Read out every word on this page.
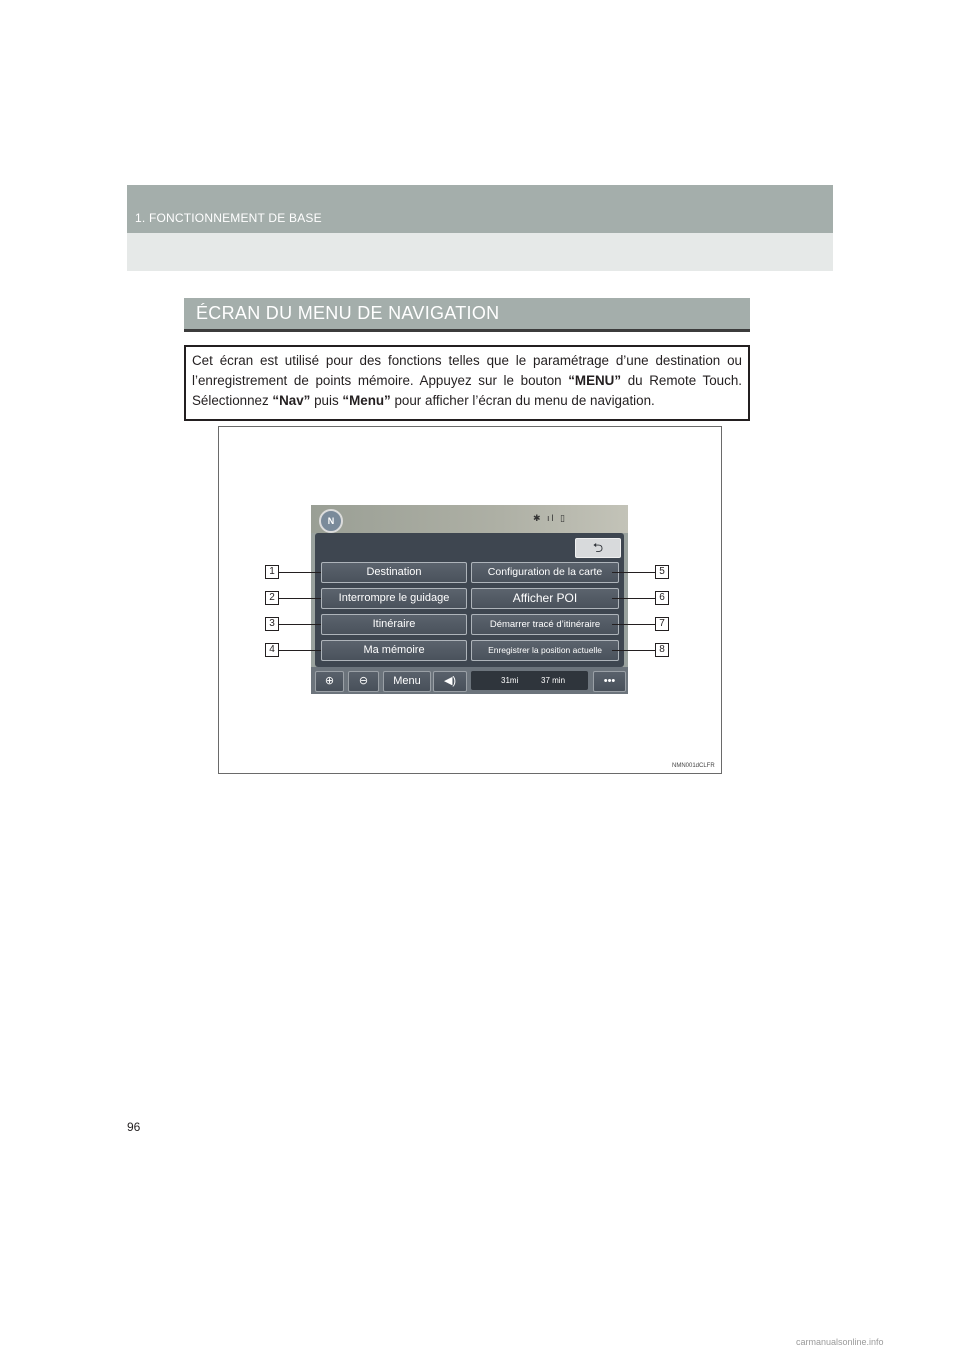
1. FONCTIONNEMENT DE BASE
ÉCRAN DU MENU DE NAVIGATION
Cet écran est utilisé pour des fonctions telles que le paramétrage d’une destination ou l’enregistrement de points mémoire. Appuyez sur le bouton “MENU” du Remote Touch. Sélectionnez “Nav” puis “Menu” pour afficher l’écran du menu de navigation.
NMN001dCLFR
N	✱ ıl ▯
⮌
Destination
Interrompre le guidage
Itinéraire
Ma mémoire
Configuration de la carte
Afficher POI
Démarrer tracé d’itinéraire
Enregistrer la position actuelle
⊕	⊖	Menu	◀)	31mi	37 min	•••
1
2
3
4
5
6
7
8
96
carmanualsonline.info
